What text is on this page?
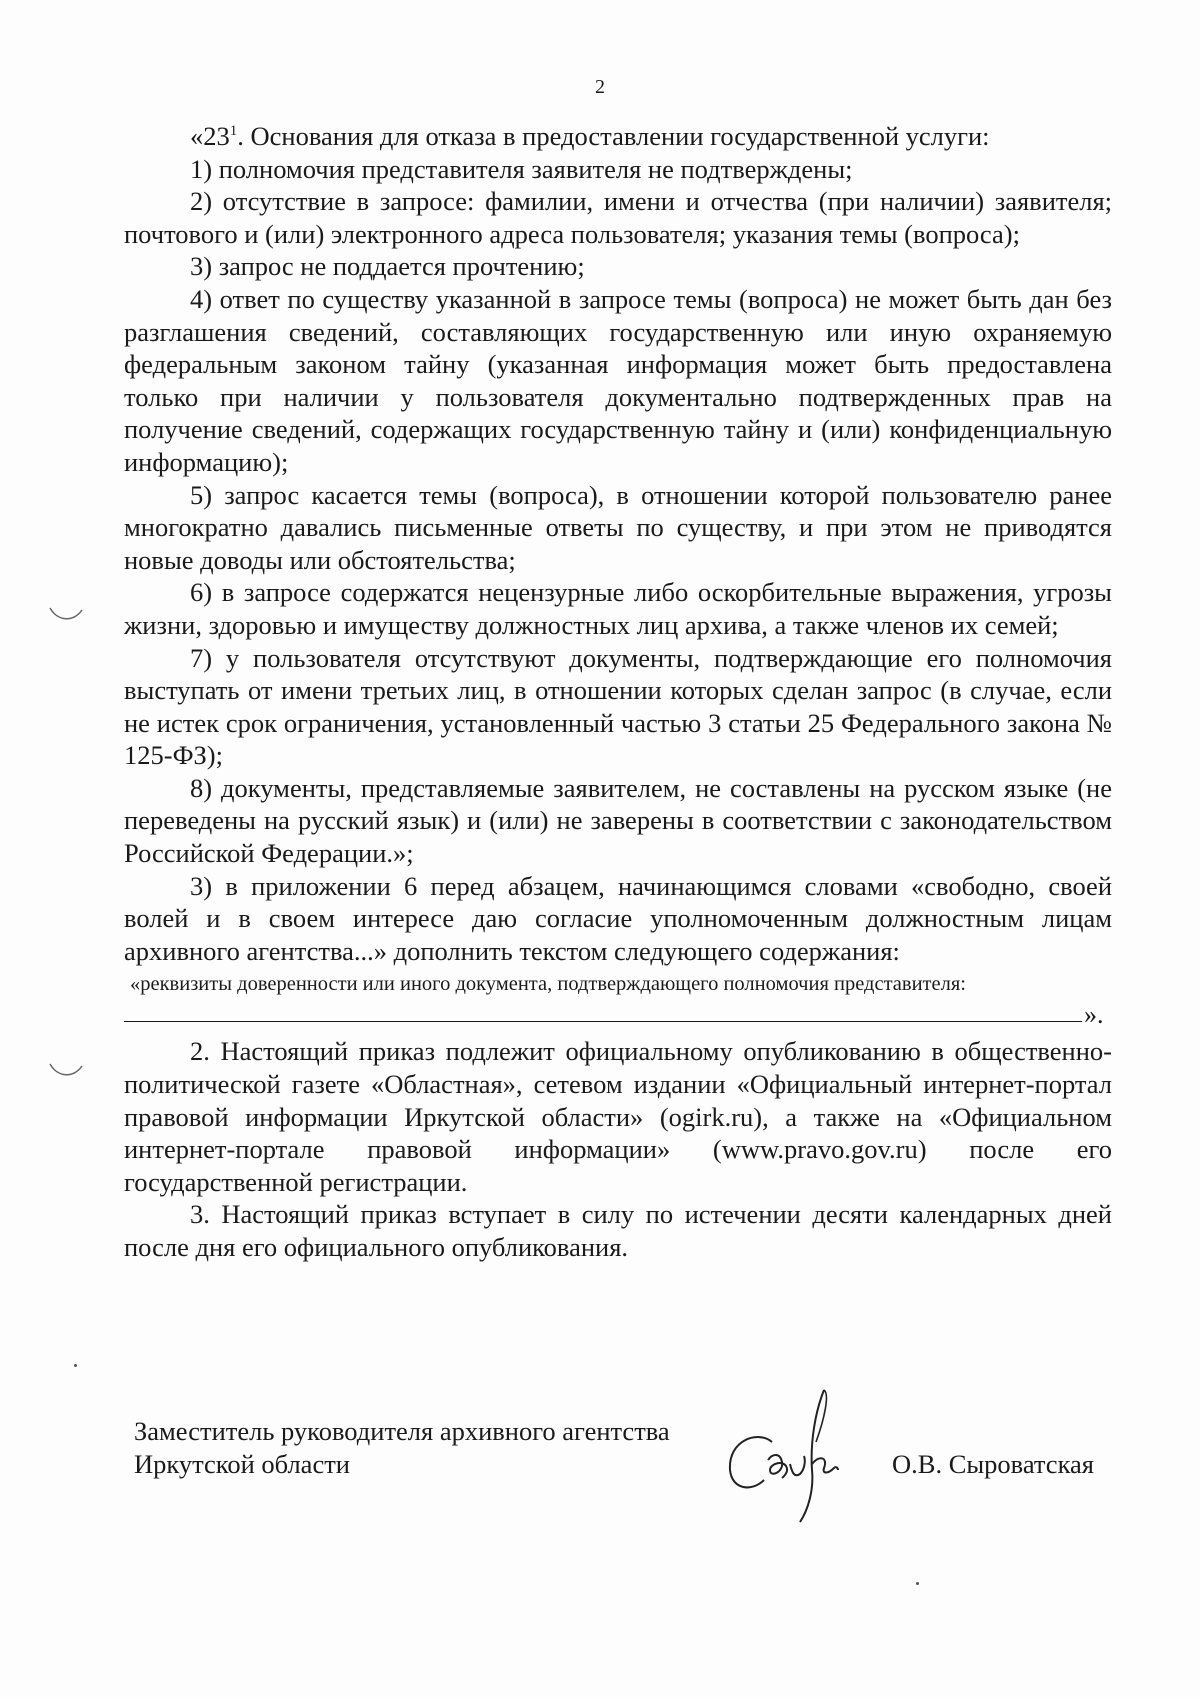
2

«$23^1$. Основания для отказа в предоставлении государственной услуги:

1) полномочия представителя заявителя не подтверждены;

2) отсутствие в запросе: фамилии, имени и отчества (при наличии) заявителя; почтового и (или) электронного адреса пользователя; указания темы (вопроса);

3) запрос не поддается прочтению;

4) ответ по существу указанной в запросе темы (вопроса) не может быть дан без разглашения сведений, составляющих государственную или иную охраняемую федеральным законом тайну (указанная информация может быть предоставлена только при наличии у пользователя документально подтвержденных прав на получение сведений, содержащих государственную тайну и (или) конфиденциальную информацию);

5) запрос касается темы (вопроса), в отношении которой пользователю ранее многократно давались письменные ответы по существу, и при этом не приводятся новые доводы или обстоятельства;

6) в запросе содержатся нецензурные либо оскорбительные выражения, угрозы жизни, здоровью и имуществу должностных лиц архива, а также членов их семей;

7) у пользователя отсутствуют документы, подтверждающие его полномочия выступать от имени третьих лиц, в отношении которых сделан запрос (в случае, если не истек срок ограничения, установленный частью 3 статьи 25 Федерального закона № 125-ФЗ);

8) документы, представляемые заявителем, не составлены на русском языке (не переведены на русский язык) и (или) не заверены в соответствии с законодательством Российской Федерации.»;

3) в приложении 6 перед абзацем, начинающимся словами «свободно, своей волей и в своем интересе даю согласие уполномоченным должностным лицам архивного агентства...» дополнить текстом следующего содержания:

«реквизиты доверенности или иного документа, подтверждающего полномочия представителя:

».

2. Настоящий приказ подлежит официальному опубликованию в общественно-политической газете «Областная», сетевом издании «Официальный интернет-портал правовой информации Иркутской области» (ogirk.ru), а также на «Официальном интернет-портале правовой информации» (www.pravo.gov.ru) после его государственной регистрации.

3. Настоящий приказ вступает в силу по истечении десяти календарных дней после дня его официального опубликования.

Заместитель руководителя архивного агентства
Иркутской области	О.В. Сыроватская
